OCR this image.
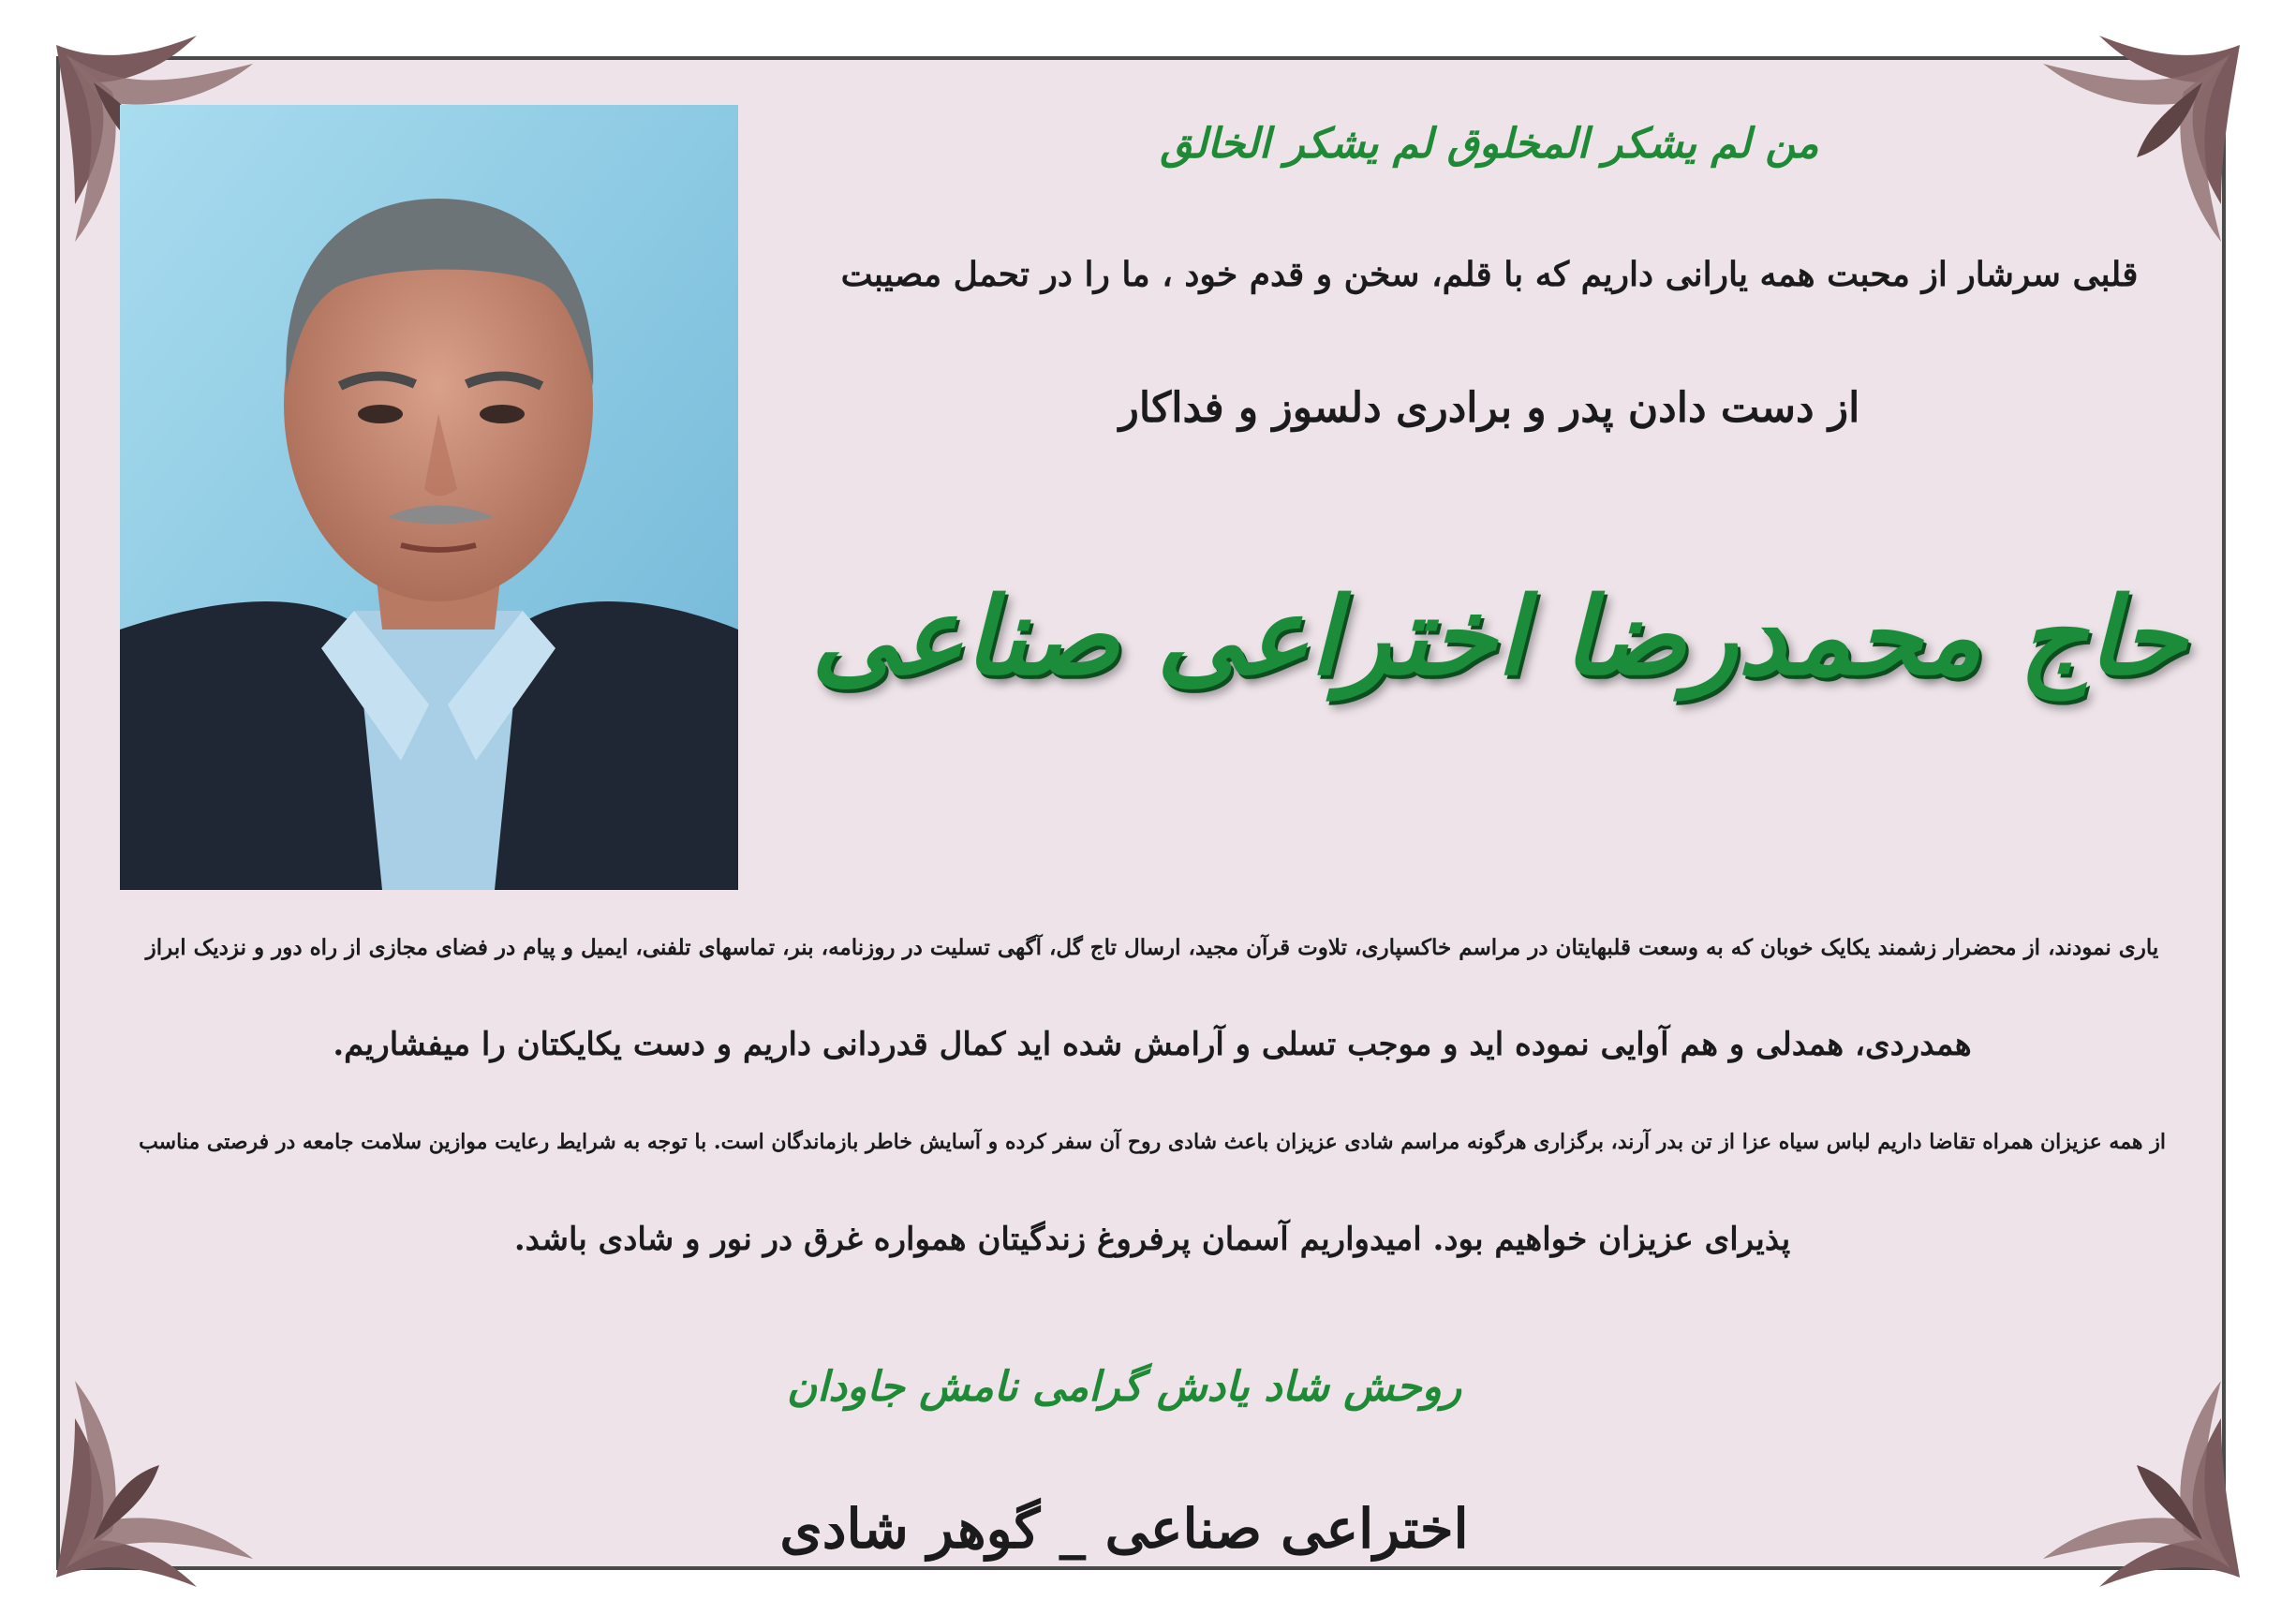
من لم یشکر المخلوق لم یشکر الخالق
قلبی سرشار از محبت همه یارانی داریم که با قلم، سخن و قدم خود ، ما را در تحمل مصیبت
از دست دادن پدر و برادری دلسوز و فداکار
حاج محمدرضا اختراعی صناعی
یاری نمودند، از محضرار زشمند یکایک خوبان که به وسعت قلبهایتان در مراسم خاکسپاری، تلاوت قرآن مجید، ارسال تاج گل، آگهی تسلیت در روزنامه، بنر، تماسهای تلفنی، ایمیل و پیام در فضای مجازی از راه دور و نزدیک ابراز
همدردی، همدلی و هم آوایی نموده اید و موجب تسلی و آرامش شده اید کمال قدردانی داریم و دست یکایکتان را میفشاریم.
از همه عزیزان همراه تقاضا داریم لباس سیاه عزا از تن بدر آرند، برگزاری هرگونه مراسم شادی عزیزان باعث شادی روح آن سفر کرده و آسایش خاطر بازماندگان است. با توجه به شرایط رعایت موازین سلامت جامعه در فرصتی مناسب
پذیرای عزیزان خواهیم بود. امیدواریم آسمان پرفروغ زندگیتان همواره غرق در نور و شادی باشد.
روحش شاد یادش گرامی نامش جاودان
اختراعی صناعی _ گوهر شادی
